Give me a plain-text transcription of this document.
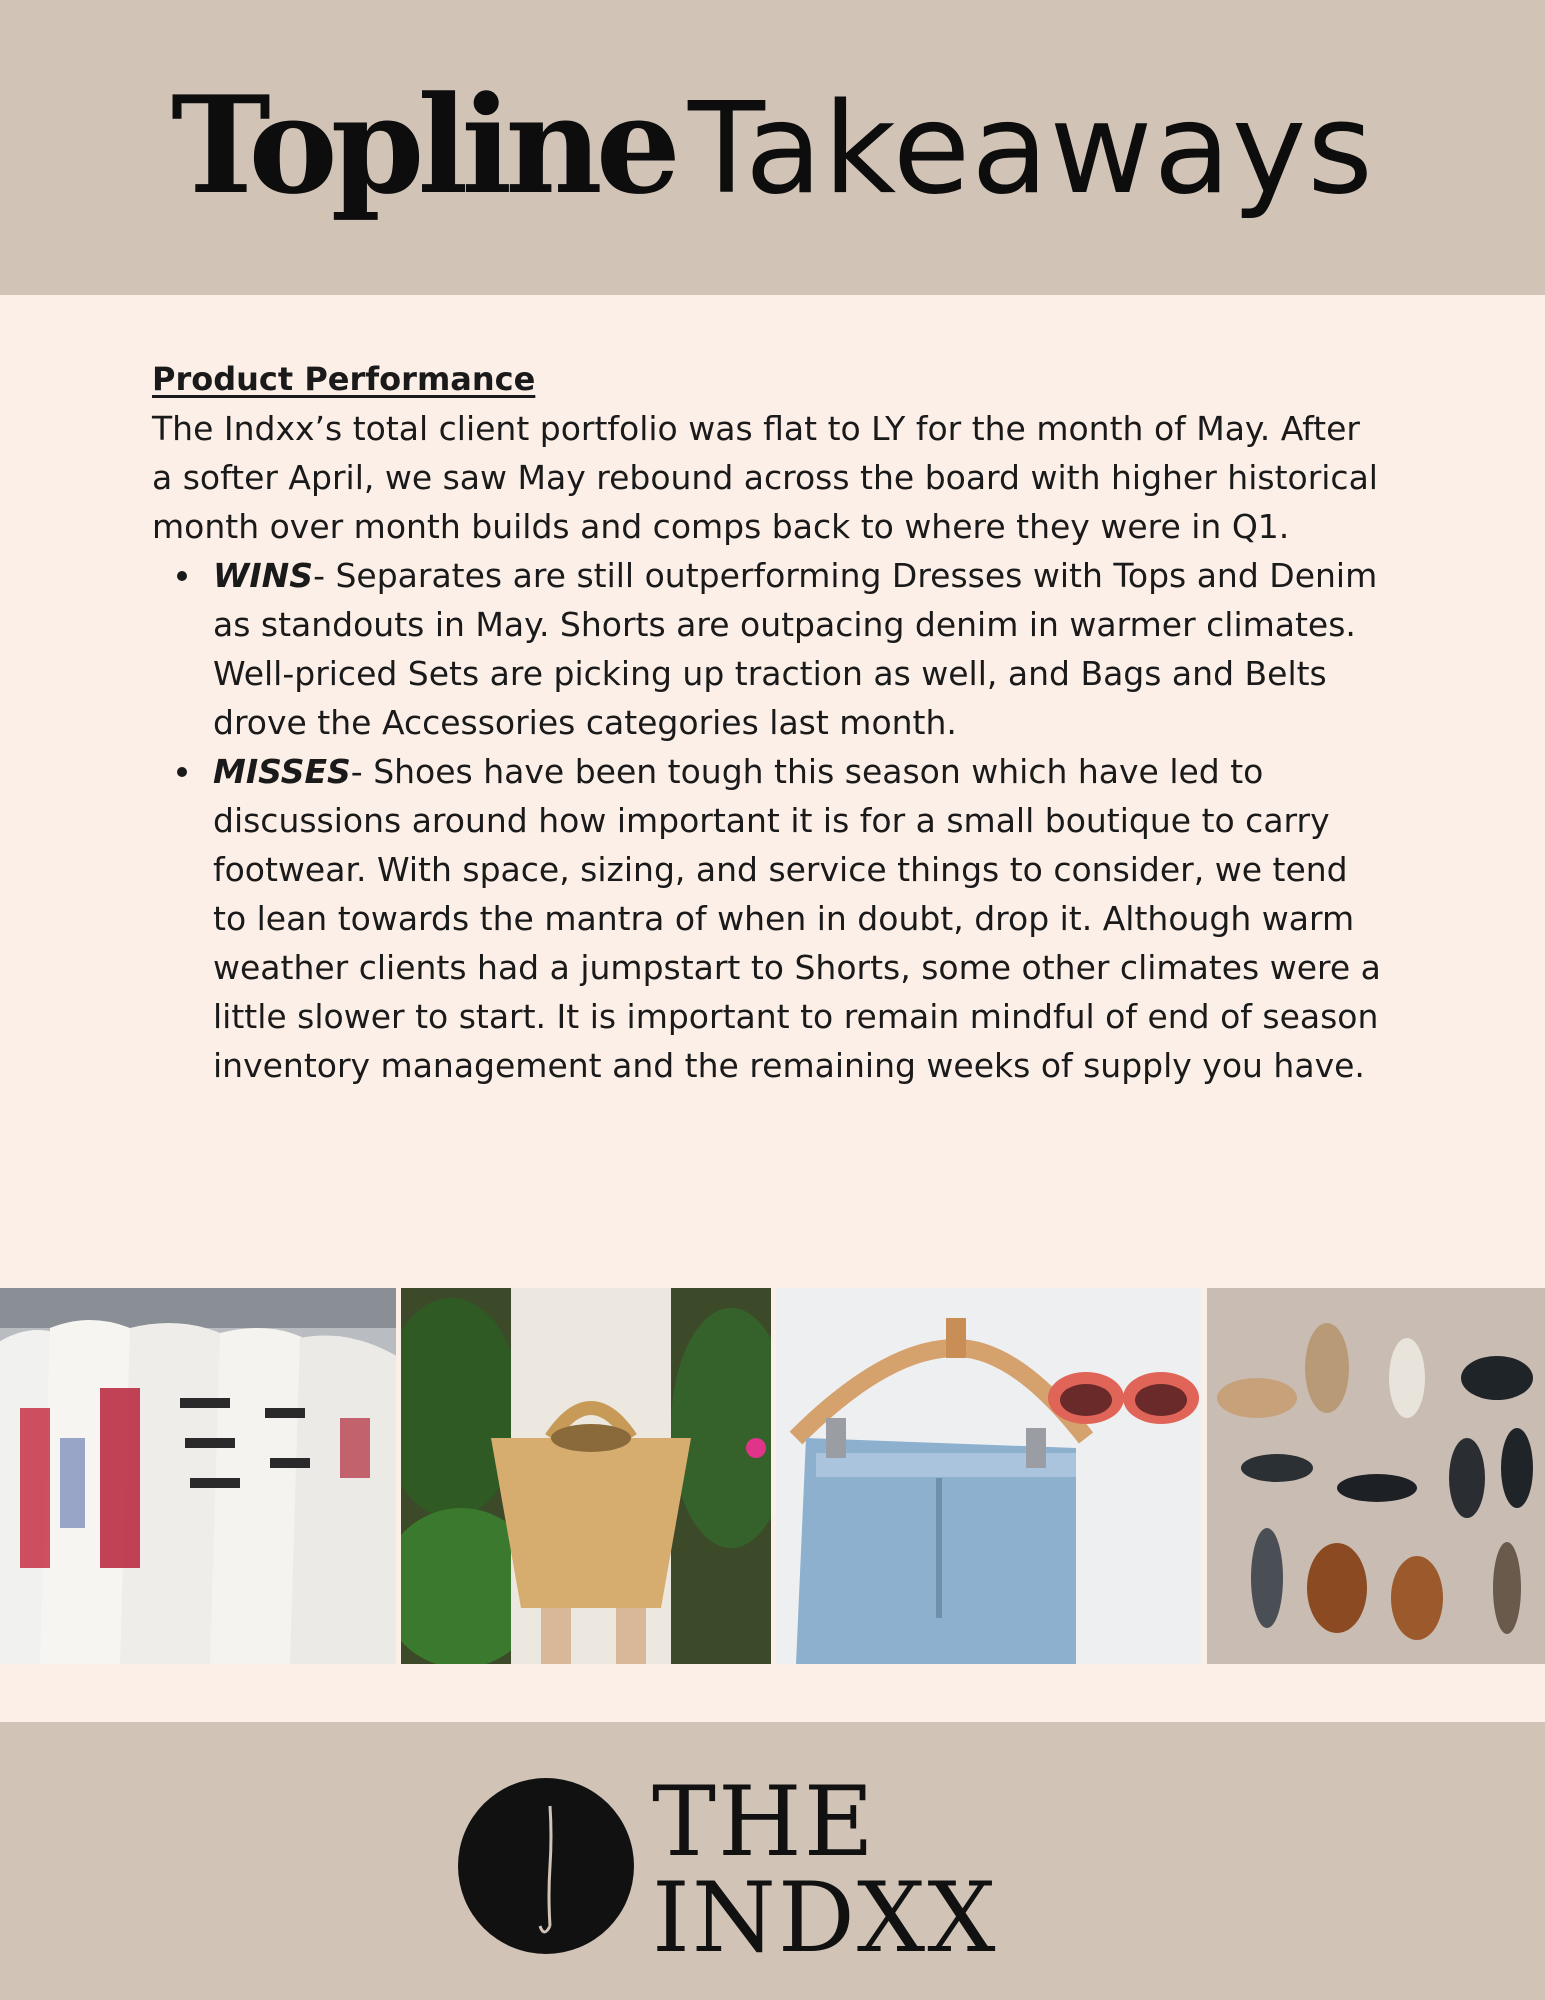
Topline Takeaways
Product Performance

The Indxx’s total client portfolio was flat to LY for the month of May. After a softer April, we saw May rebound across the board with higher historical month over month builds and comps back to where they were in Q1.

WINS- Separates are still outperforming Dresses with Tops and Denim as standouts in May. Shorts are outpacing denim in warmer climates. Well-priced Sets are picking up traction as well, and Bags and Belts drove the Accessories categories last month.
MISSES- Shoes have been tough this season which have led to discussions around how important it is for a small boutique to carry footwear. With space, sizing, and service things to consider, we tend to lean towards the mantra of when in doubt, drop it. Although warm weather clients had a jumpstart to Shorts, some other climates were a little slower to start. It is important to remain mindful of end of season inventory management and the remaining weeks of supply you have.
THE
INDXX
